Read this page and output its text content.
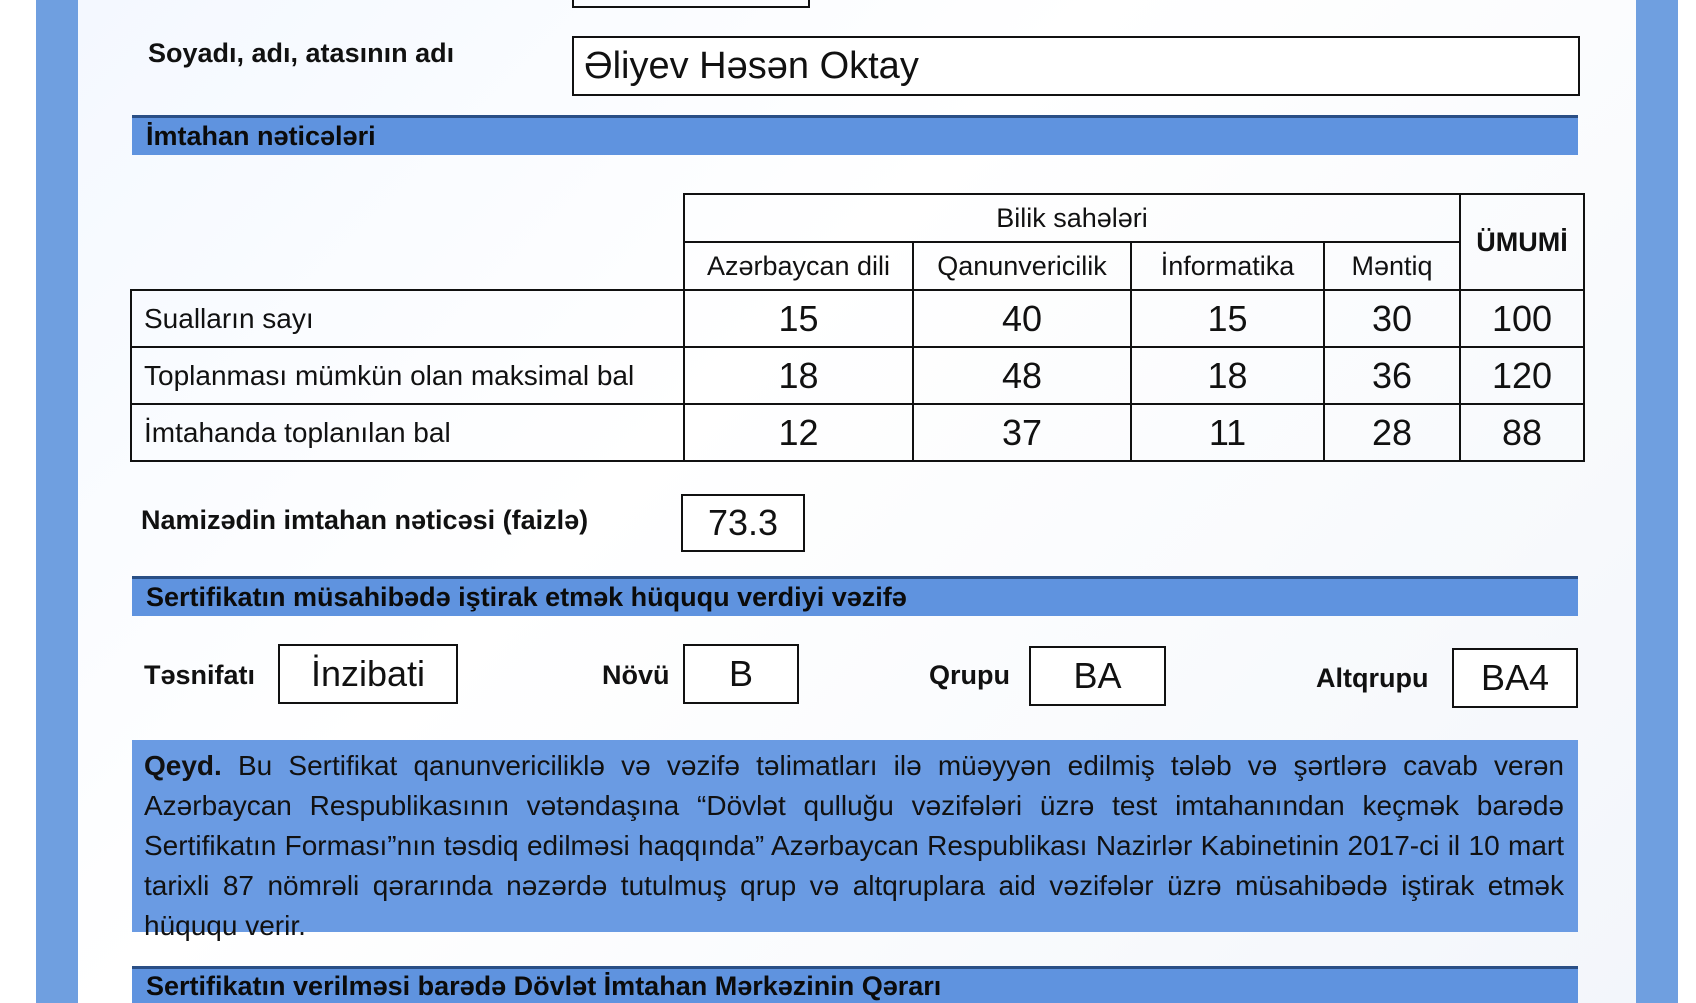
Soyadı, adı, atasının adı	Əliyev Həsən Oktay
İmtahan nəticələri
	Bilik sahələri				ÜMUMİ
	Azərbaycan dili	Qanunvericilik	İnformatika	Məntiq	
Sualların sayı	15	40	15	30	100
Toplanması mümkün olan maksimal bal	18	48	18	36	120
İmtahanda toplanılan bal	12	37	11	28	88
Namizədin imtahan nəticəsi (faizlə)	73.3
Sertifikatın müsahibədə iştirak etmək hüququ verdiyi vəzifə
Təsnifatı İnzibati	Növü B	Qrupu BA	Altqrupu BA4
Qeyd. Bu Sertifikat qanunvericiliklə və vəzifə təlimatları ilə müəyyən edilmiş tələb və şərtlərə cavab verən Azərbaycan Respublikasının vətəndaşına “Dövlət qulluğu vəzifələri üzrə test imtahanından keçmək barədə Sertifikatın Forması”nın təsdiq edilməsi haqqında” Azərbaycan Respublikası Nazirlər Kabinetinin 2017-ci il 10 mart tarixli 87 nömrəli qərarında nəzərdə tutulmuş qrup və altqruplara aid vəzifələr üzrə müsahibədə iştirak etmək hüququ verir.
Sertifikatın verilməsi barədə Dövlət İmtahan Mərkəzinin Qərarı
